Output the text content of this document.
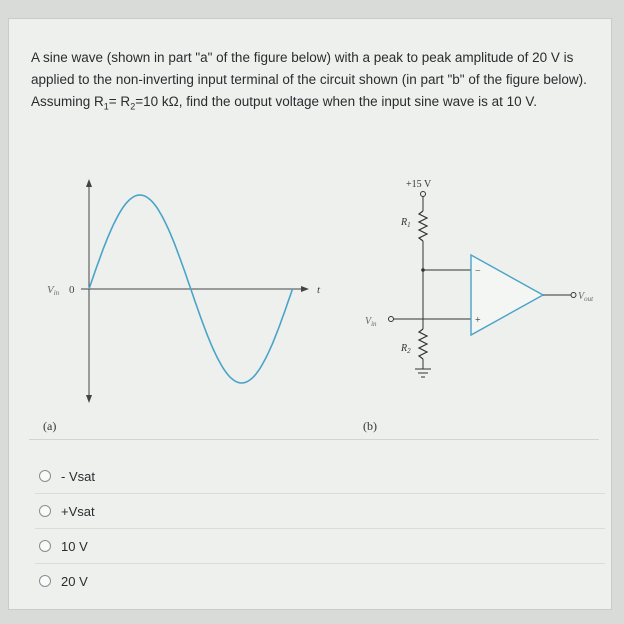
A sine wave (shown in part "a" of the figure below) with a peak to peak amplitude of 20 V is applied to the non-inverting input terminal of the circuit shown (in part "b" of the figure below). Assuming $R_1= R_2=10$ kΩ, find the output voltage when the input sine wave is at 10 V.
Vin 0	t
(a)
+15 V
$R_1$
$V_{in}$
$R_2$
−
+
$V_{out}$
(b)
- Vsat
+Vsat
10 V
20 V
